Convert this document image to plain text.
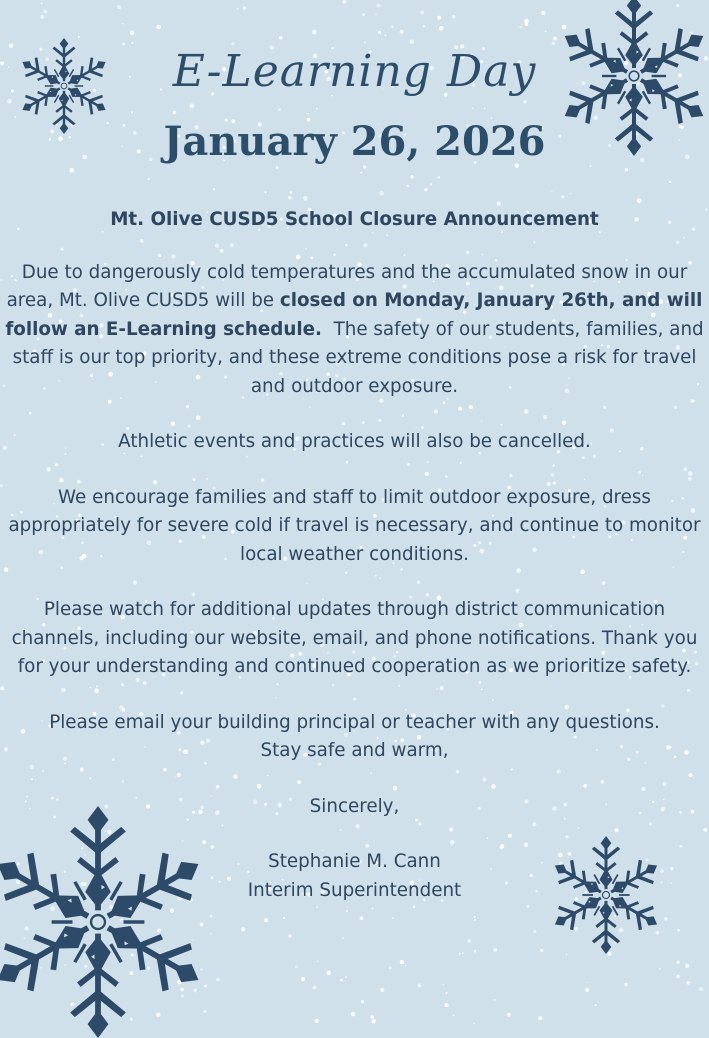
E-Learning Day
January 26, 2026

Mt. Olive CUSD5 School Closure Announcement

Due to dangerously cold temperatures and the accumulated snow in our area, Mt. Olive CUSD5 will be closed on Monday, January 26th, and will follow an E-Learning schedule.  The safety of our students, families, and staff is our top priority, and these extreme conditions pose a risk for travel and outdoor exposure.

Athletic events and practices will also be cancelled.

We encourage families and staff to limit outdoor exposure, dress appropriately for severe cold if travel is necessary, and continue to monitor local weather conditions.

Please watch for additional updates through district communication channels, including our website, email, and phone notifications. Thank you for your understanding and continued cooperation as we prioritize safety.

Please email your building principal or teacher with any questions.
Stay safe and warm,

Sincerely,

Stephanie M. Cann
Interim Superintendent
